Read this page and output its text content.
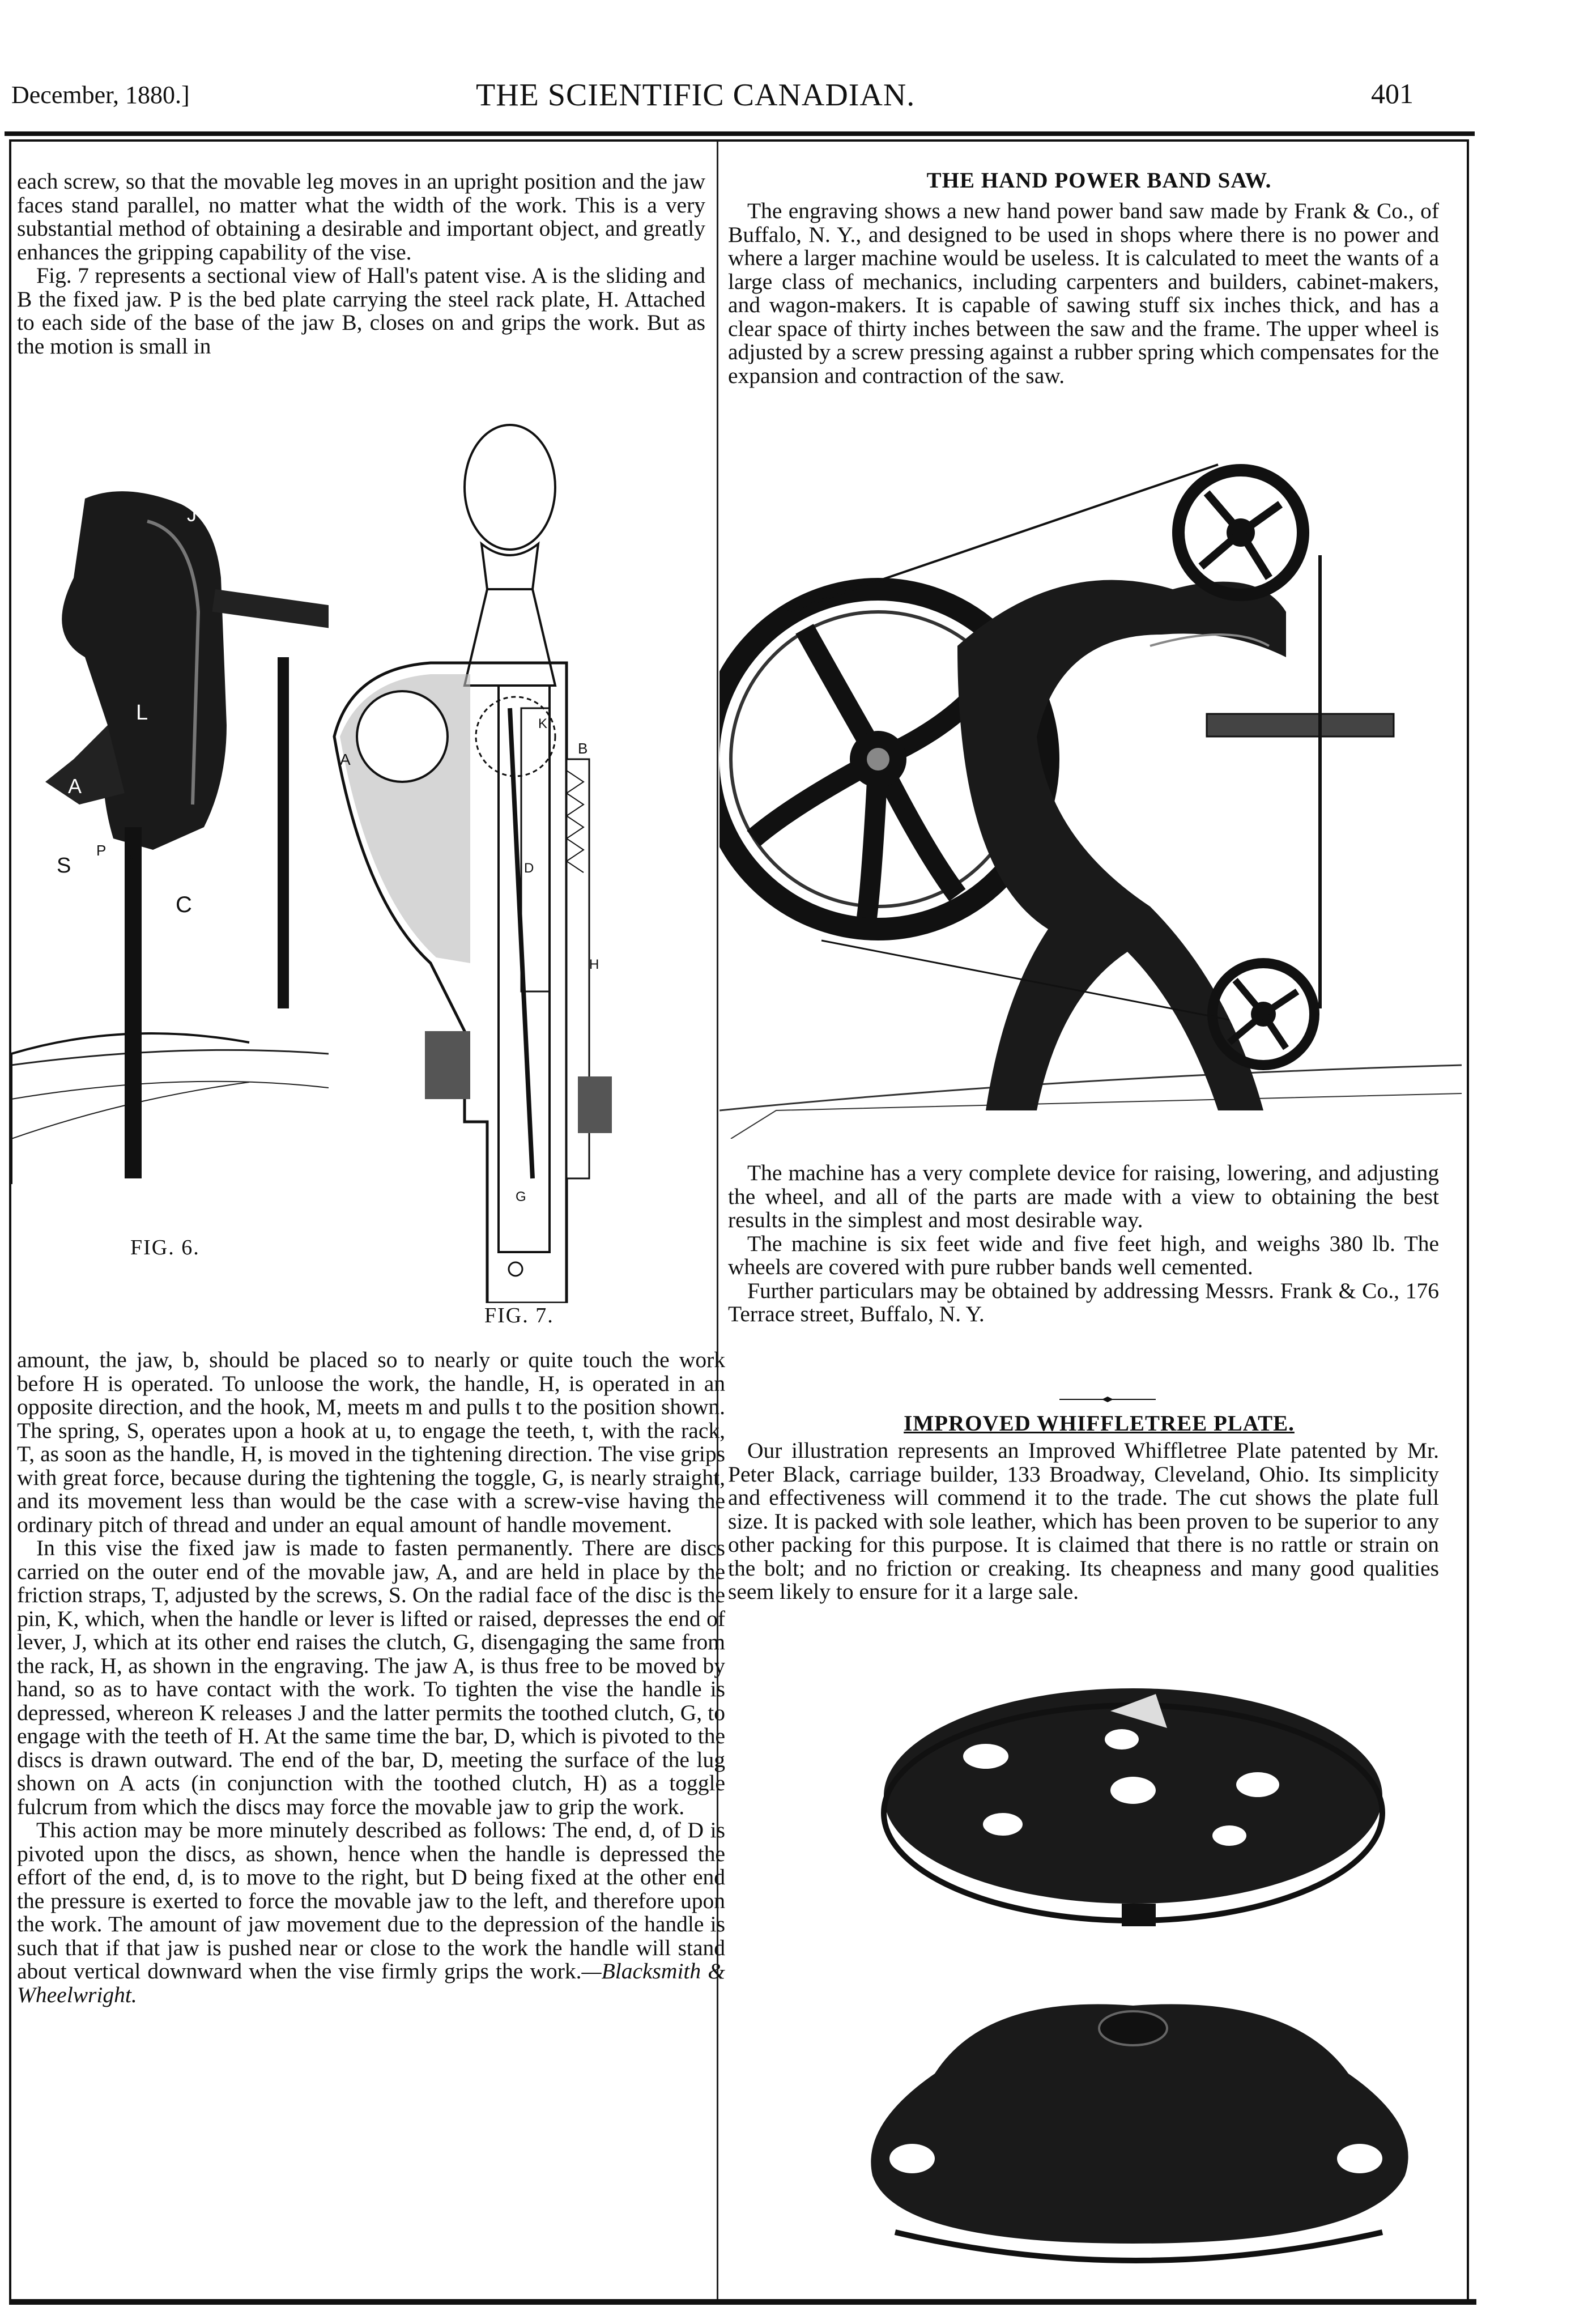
December, 1880.]	THE SCIENTIFIC CANADIAN.	401
each screw, so that the movable leg moves in an upright position and the jaw faces stand parallel, no matter what the width of the work. This is a very substantial method of obtaining a desirable and important object, and greatly enhances the gripping capability of the vise.
Fig. 7 represents a sectional view of Hall's patent vise. A is the sliding and B the fixed jaw. P is the bed plate carrying the steel rack plate, H. Attached to each side of the base of the jaw B, closes on and grips the work. But as the motion is small in
J
L
A
S
P N
C
FIG. 6.
A
B
P
K
D
H
G
FIG. 7.
amount, the jaw, b, should be placed so to nearly or quite touch the work before H is operated. To unloose the work, the handle, H, is operated in an opposite direction, and the hook, M, meets m and pulls t to the position shown. The spring, S, operates upon a hook at u, to engage the teeth, t, with the rack, T, as soon as the handle, H, is moved in the tightening direction. The vise grips with great force, because during the tightening the toggle, G, is nearly straight, and its movement less than would be the case with a screw-vise having the ordinary pitch of thread and under an equal amount of handle movement.
In this vise the fixed jaw is made to fasten permanently. There are discs carried on the outer end of the movable jaw, A, and are held in place by the friction straps, T, adjusted by the screws, S. On the radial face of the disc is the pin, K, which, when the handle or lever is lifted or raised, depresses the end of lever, J, which at its other end raises the clutch, G, disengaging the same from the rack, H, as shown in the engraving. The jaw A, is thus free to be moved by hand, so as to have contact with the work. To tighten the vise the handle is depressed, whereon K releases J and the latter permits the toothed clutch, G, to engage with the teeth of H. At the same time the bar, D, which is pivoted to the discs is drawn outward. The end of the bar, D, meeting the surface of the lug shown on A acts (in conjunction with the toothed clutch, H) as a toggle fulcrum from which the discs may force the movable jaw to grip the work.
This action may be more minutely described as follows: The end, d, of D is pivoted upon the discs, as shown, hence when the handle is depressed the effort of the end, d, is to move to the right, but D being fixed at the other end the pressure is exerted to force the movable jaw to the left, and therefore upon the work. The amount of jaw movement due to the depression of the handle is such that if that jaw is pushed near or close to the work the handle will stand about vertical downward when the vise firmly grips the work.—Blacksmith & Wheelwright.
THE HAND POWER BAND SAW.
The engraving shows a new hand power band saw made by Frank & Co., of Buffalo, N. Y., and designed to be used in shops where there is no power and where a larger machine would be useless. It is calculated to meet the wants of a large class of mechanics, including carpenters and builders, cabinet-makers, and wagon-makers. It is capable of sawing stuff six inches thick, and has a clear space of thirty inches between the saw and the frame. The upper wheel is adjusted by a screw pressing against a rubber spring which compensates for the expansion and contraction of the saw.
The machine has a very complete device for raising, lowering, and adjusting the wheel, and all of the parts are made with a view to obtaining the best results in the simplest and most desirable way.
The machine is six feet wide and five feet high, and weighs 380 lb. The wheels are covered with pure rubber bands well cemented.
Further particulars may be obtained by addressing Messrs. Frank & Co., 176 Terrace street, Buffalo, N. Y.
IMPROVED WHIFFLETREE PLATE.
Our illustration represents an Improved Whiffletree Plate patented by Mr. Peter Black, carriage builder, 133 Broadway, Cleveland, Ohio. Its simplicity and effectiveness will commend it to the trade. The cut shows the plate full size. It is packed with sole leather, which has been proven to be superior to any other packing for this purpose. It is claimed that there is no rattle or strain on the bolt; and no friction or creaking. Its cheapness and many good qualities seem likely to ensure for it a large sale.
